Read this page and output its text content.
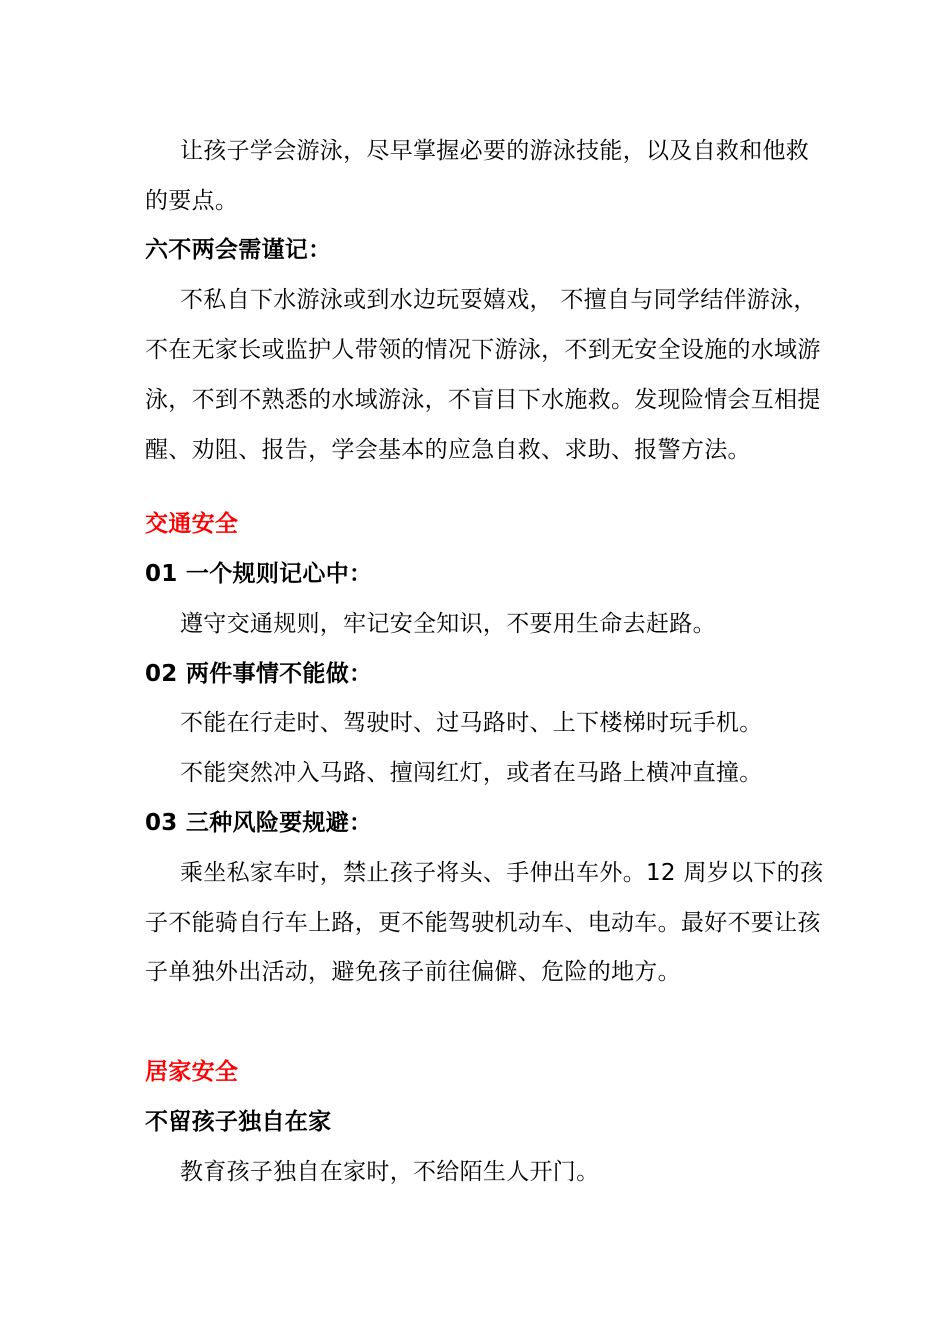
让孩子学会游泳，尽早掌握必要的游泳技能，以及自救和他救
的要点。
六不两会需谨记：
不私自下水游泳或到水边玩耍嬉戏， 不擅自与同学结伴游泳，
不在无家长或监护人带领的情况下游泳，不到无安全设施的水域游
泳，不到不熟悉的水域游泳，不盲目下水施救。发现险情会互相提
醒、劝阻、报告，学会基本的应急自救、求助、报警方法。
交通安全
01 一个规则记心中：
遵守交通规则，牢记安全知识，不要用生命去赶路。
02 两件事情不能做：
不能在行走时、驾驶时、过马路时、上下楼梯时玩手机。
不能突然冲入马路、擅闯红灯，或者在马路上横冲直撞。
03 三种风险要规避：
乘坐私家车时，禁止孩子将头、手伸出车外。12 周岁以下的孩
子不能骑自行车上路，更不能驾驶机动车、电动车。最好不要让孩
子单独外出活动，避免孩子前往偏僻、危险的地方。
居家安全
不留孩子独自在家
教育孩子独自在家时，不给陌生人开门。
